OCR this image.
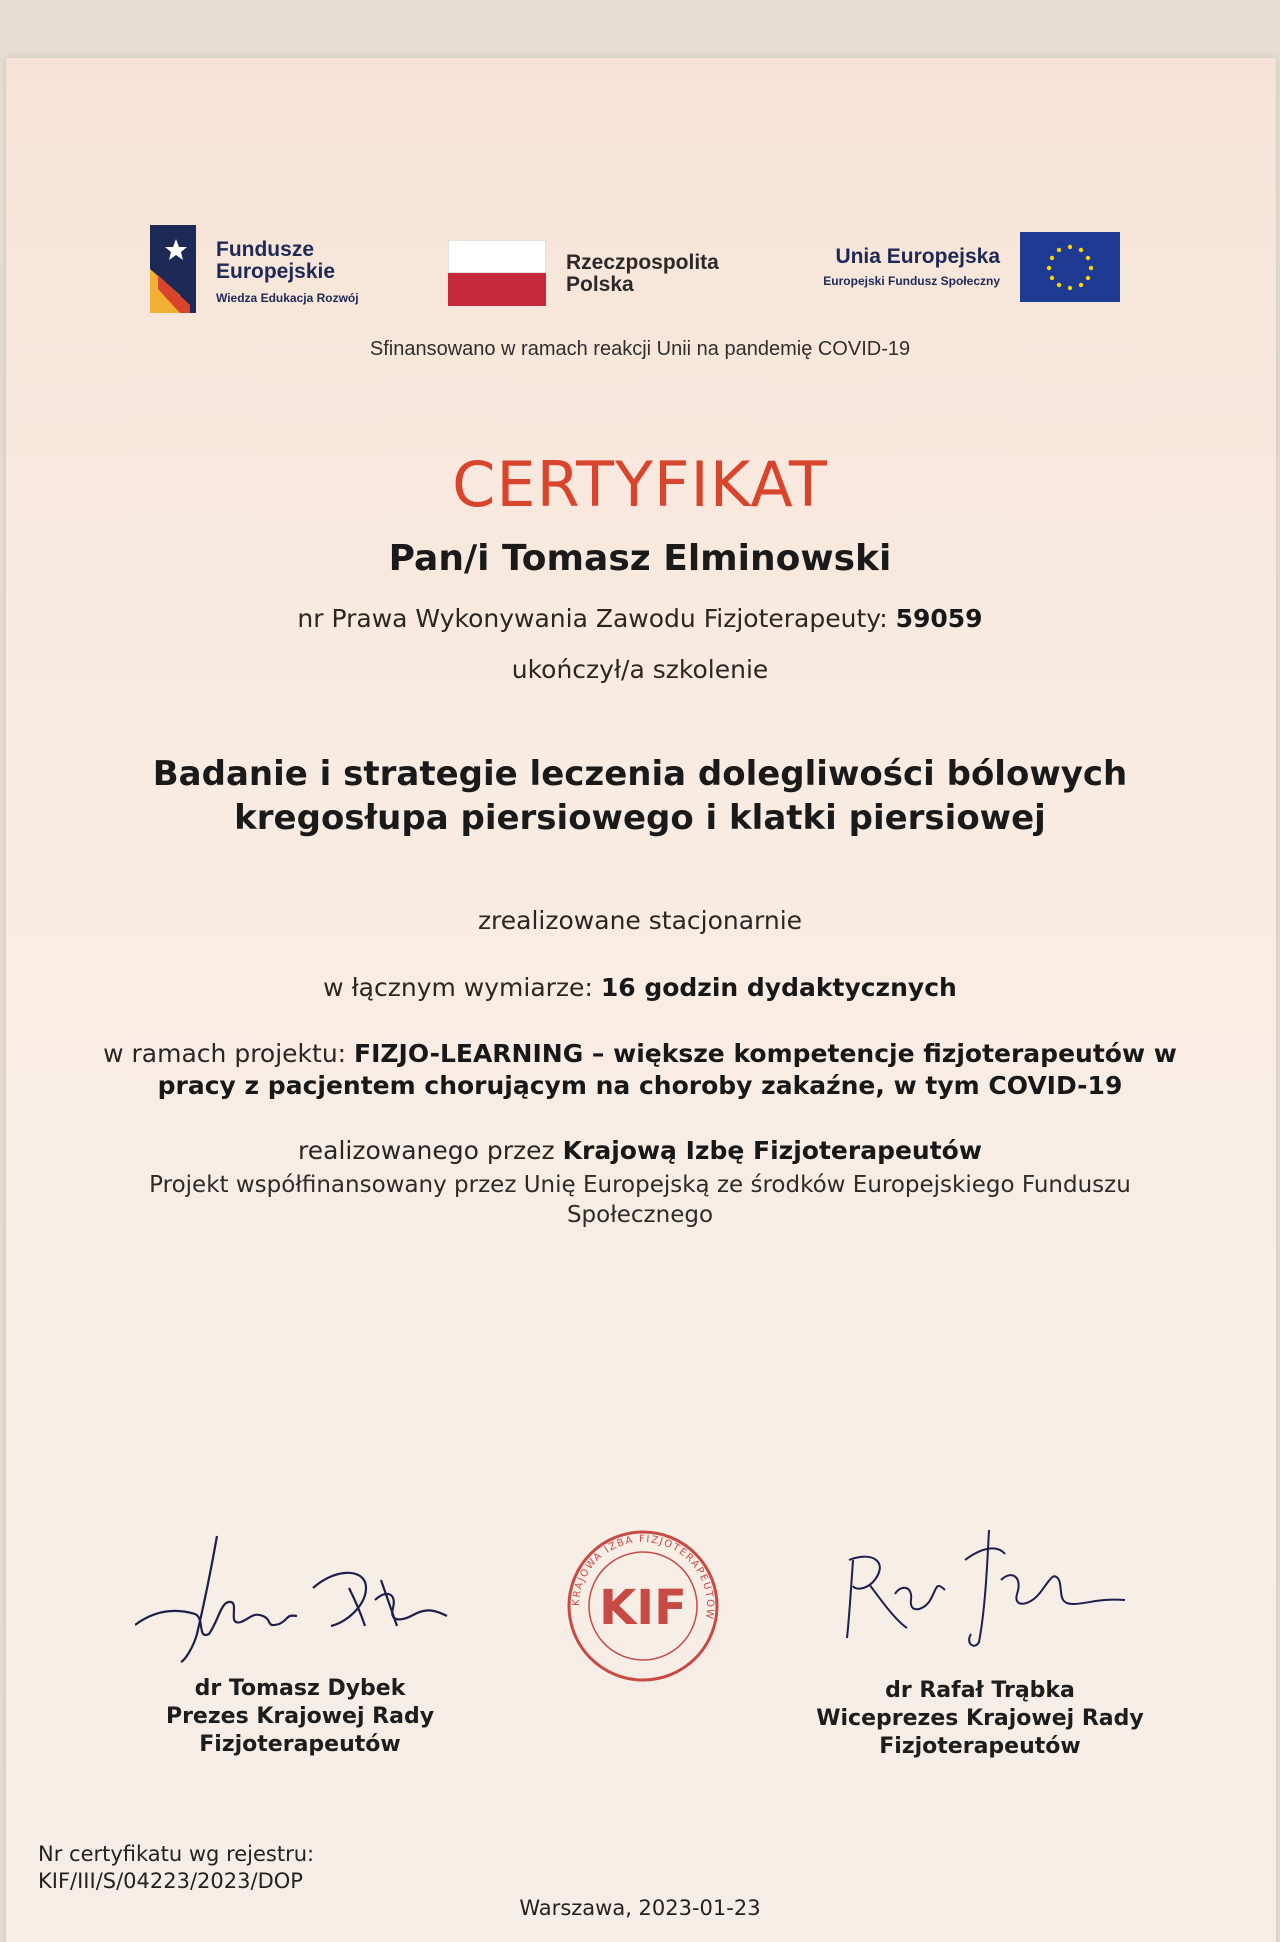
Fundusze
Europejskie
Wiedza Edukacja Rozwój
Rzeczpospolita
Polska
Unia Europejska
Europejski Fundusz Społeczny
Sfinansowano w ramach reakcji Unii na pandemię COVID-19
CERTYFIKAT
Pan/i Tomasz Elminowski
nr Prawa Wykonywania Zawodu Fizjoterapeuty: 59059
ukończył/a szkolenie
Badanie i strategie leczenia dolegliwości bólowych
kregosłupa piersiowego i klatki piersiowej
zrealizowane stacjonarnie
w łącznym wymiarze: 16 godzin dydaktycznych
w ramach projektu: FIZJO-LEARNING – większe kompetencje fizjoterapeutów w
pracy z pacjentem chorującym na choroby zakaźne, w tym COVID-19
realizowanego przez Krajową Izbę Fizjoterapeutów
Projekt współfinansowany przez Unię Europejską ze środków Europejskiego Funduszu
Społecznego
KRAJOWA IZBA FIZJOTERAPEUTÓW
KIF
dr Tomasz Dybek
Prezes Krajowej Rady
Fizjoterapeutów
dr Rafał Trąbka
Wiceprezes Krajowej Rady
Fizjoterapeutów
Nr certyfikatu wg rejestru:
KIF/III/S/04223/2023/DOP
Warszawa, 2023-01-23
